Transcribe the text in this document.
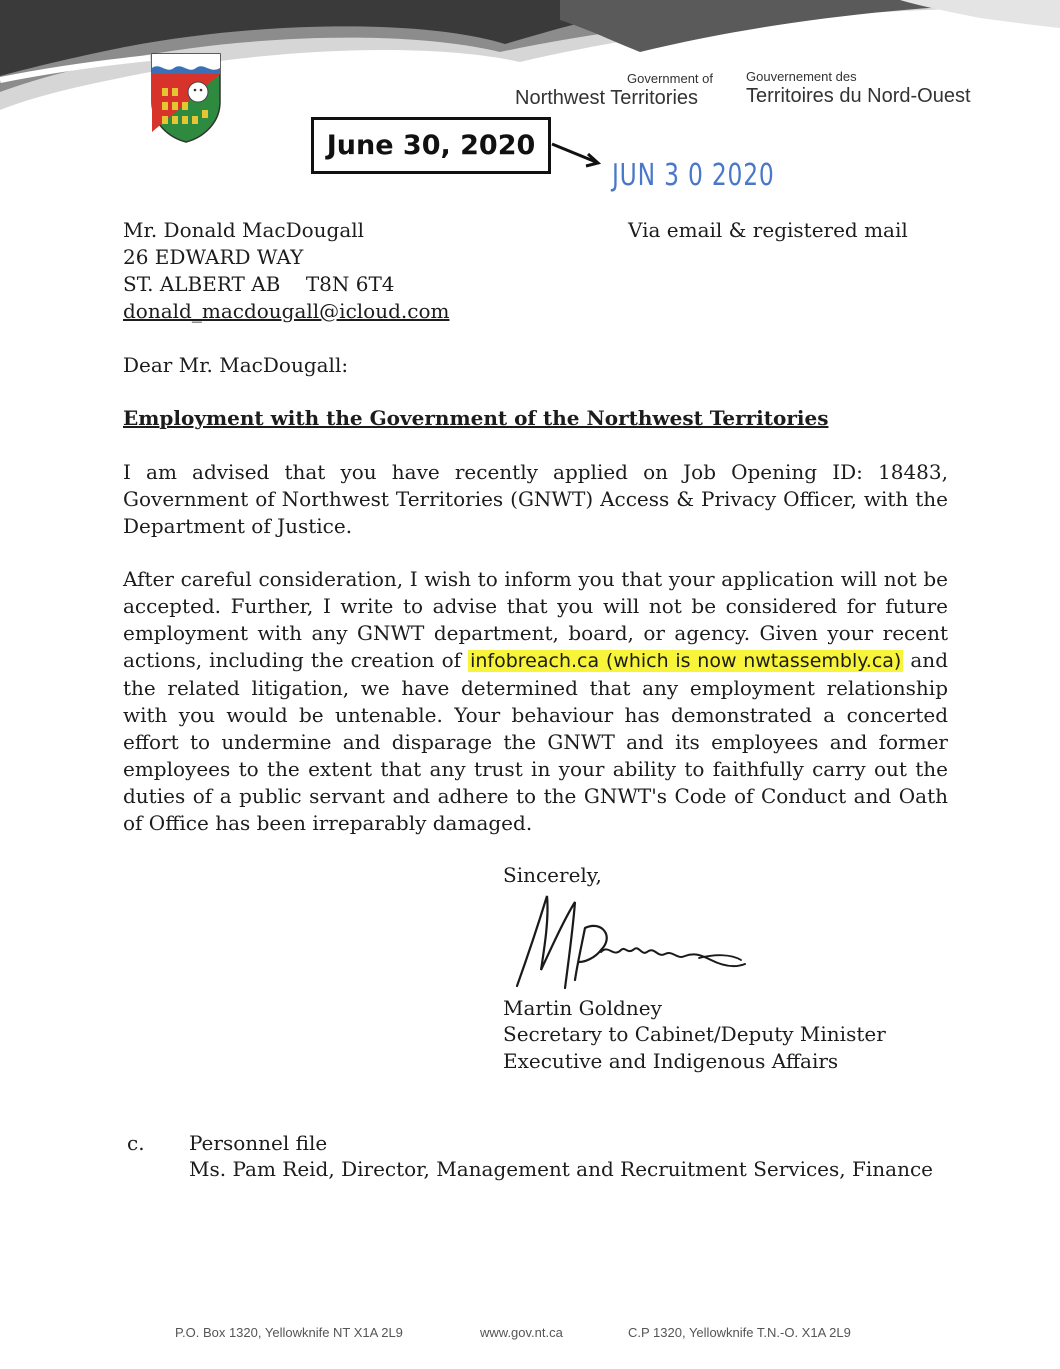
Government of
Northwest Territories
Gouvernement des
Territoires du Nord-Ouest
June 30, 2020
JUN 3 0 2020
Mr. Donald MacDougall
26 EDWARD WAY
ST. ALBERT AB    T8N 6T4
donald_macdougall@icloud.com
Via email & registered mail
Dear Mr. MacDougall:
Employment with the Government of the Northwest Territories
I am advised that you have recently applied on Job Opening ID: 18483, Government of Northwest Territories (GNWT) Access & Privacy Officer, with the Department of Justice.
After careful consideration, I wish to inform you that your application will not be accepted. Further, I write to advise that you will not be considered for future employment with any GNWT department, board, or agency. Given your recent actions, including the creation of infobreach.ca (which is now nwtassembly.ca) and the related litigation, we have determined that any employment relationship with you would be untenable. Your behaviour has demonstrated a concerted effort to undermine and disparage the GNWT and its employees and former employees to the extent that any trust in your ability to faithfully carry out the duties of a public servant and adhere to the GNWT's Code of Conduct and Oath of Office has been irreparably damaged.
Sincerely,
Martin Goldney
Secretary to Cabinet/Deputy Minister
Executive and Indigenous Affairs
c. Personnel file
Ms. Pam Reid, Director, Management and Recruitment Services, Finance
P.O. Box 1320, Yellowknife NT X1A 2L9	www.gov.nt.ca	C.P 1320, Yellowknife T.N.-O. X1A 2L9
